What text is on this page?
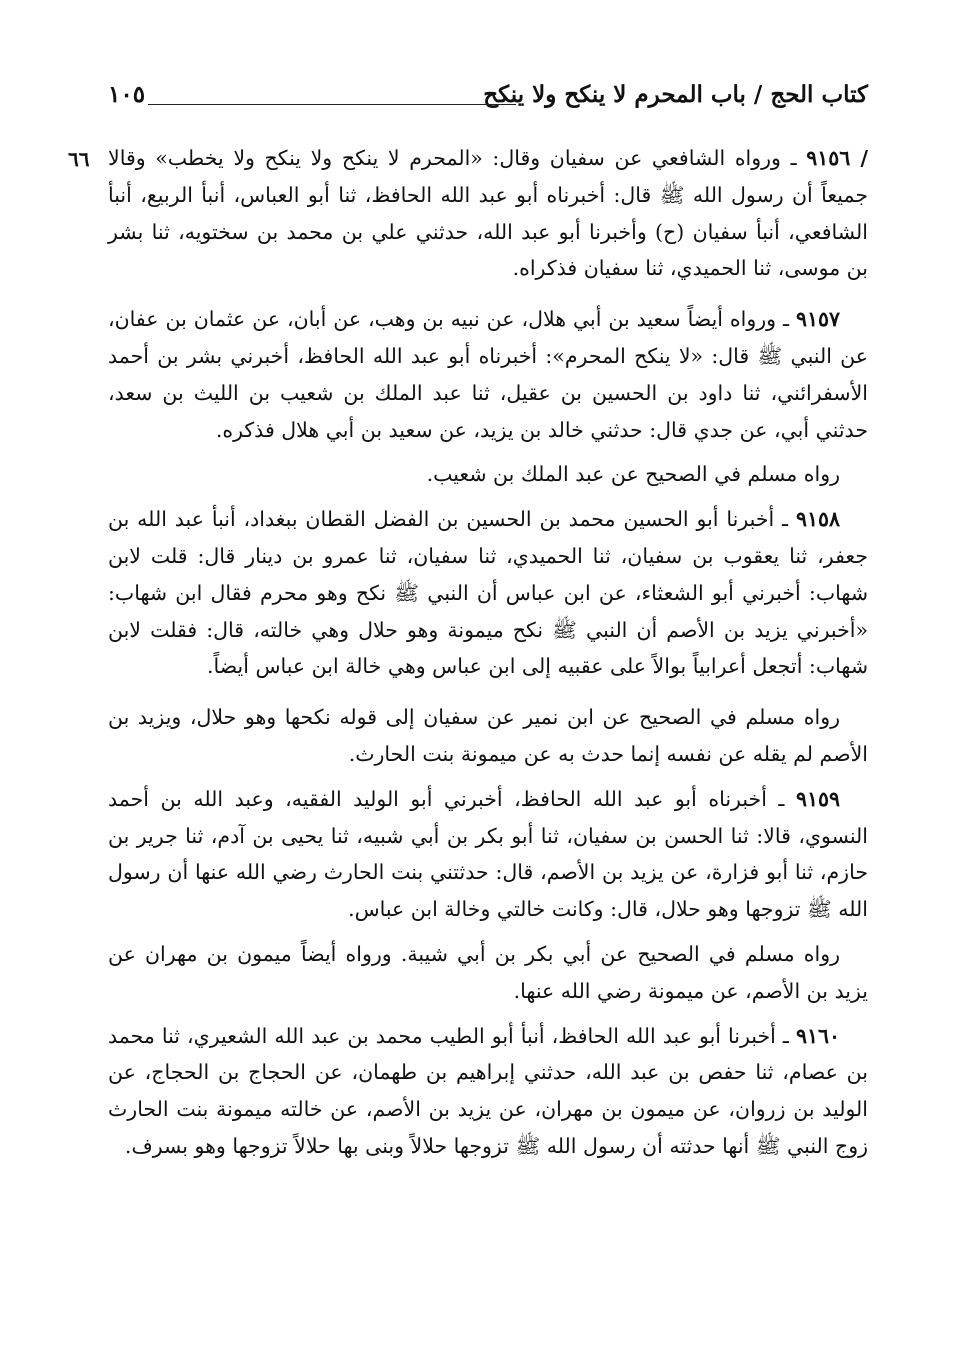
كتاب الحج / باب المحرم لا ينكح ولا ينكح
١٠٥
٦٦	/ ٩١٥٦ ـ ورواه الشافعي عن سفيان وقال: «المحرم لا ينكح ولا ينكح ولا يخطب» وقالا جميعاً أن رسول الله ﷺ قال: أخبرناه أبو عبد الله الحافظ، ثنا أبو العباس، أنبأ الربيع، أنبأ الشافعي، أنبأ سفيان (ح) وأخبرنا أبو عبد الله، حدثني علي بن محمد بن سختويه، ثنا بشر بن موسى، ثنا الحميدي، ثنا سفيان فذكراه.

٩١٥٧ ـ ورواه أيضاً سعيد بن أبي هلال، عن نبيه بن وهب، عن أبان، عن عثمان بن عفان، عن النبي ﷺ قال: «لا ينكح المحرم»: أخبرناه أبو عبد الله الحافظ، أخبرني بشر بن أحمد الأسفرائني، ثنا داود بن الحسين بن عقيل، ثنا عبد الملك بن شعيب بن الليث بن سعد، حدثني أبي، عن جدي قال: حدثني خالد بن يزيد، عن سعيد بن أبي هلال فذكره.

رواه مسلم في الصحيح عن عبد الملك بن شعيب.

٩١٥٨ ـ أخبرنا أبو الحسين محمد بن الحسين بن الفضل القطان ببغداد، أنبأ عبد الله بن جعفر، ثنا يعقوب بن سفيان، ثنا الحميدي، ثنا سفيان، ثنا عمرو بن دينار قال: قلت لابن شهاب: أخبرني أبو الشعثاء، عن ابن عباس أن النبي ﷺ نكح وهو محرم فقال ابن شهاب: «أخبرني يزيد بن الأصم أن النبي ﷺ نكح ميمونة وهو حلال وهي خالته، قال: فقلت لابن شهاب: أتجعل أعرابياً بوالاً على عقبيه إلى ابن عباس وهي خالة ابن عباس أيضاً.

رواه مسلم في الصحيح عن ابن نمير عن سفيان إلى قوله نكحها وهو حلال، ويزيد بن الأصم لم يقله عن نفسه إنما حدث به عن ميمونة بنت الحارث.

٩١٥٩ ـ أخبرناه أبو عبد الله الحافظ، أخبرني أبو الوليد الفقيه، وعبد الله بن أحمد النسوي، قالا: ثنا الحسن بن سفيان، ثنا أبو بكر بن أبي شبيه، ثنا يحيى بن آدم، ثنا جرير بن حازم، ثنا أبو فزارة، عن يزيد بن الأصم، قال: حدثتني بنت الحارث رضي الله عنها أن رسول الله ﷺ تزوجها وهو حلال، قال: وكانت خالتي وخالة ابن عباس.

رواه مسلم في الصحيح عن أبي بكر بن أبي شيبة. ورواه أيضاً ميمون بن مهران عن يزيد بن الأصم، عن ميمونة رضي الله عنها.

٩١٦٠ ـ أخبرنا أبو عبد الله الحافظ، أنبأ أبو الطيب محمد بن عبد الله الشعيري، ثنا محمد بن عصام، ثنا حفص بن عبد الله، حدثني إبراهيم بن طهمان، عن الحجاج بن الحجاج، عن الوليد بن زروان، عن ميمون بن مهران، عن يزيد بن الأصم، عن خالته ميمونة بنت الحارث زوج النبي ﷺ أنها حدثته أن رسول الله ﷺ تزوجها حلالاً وبنى بها حلالاً تزوجها وهو بسرف.
